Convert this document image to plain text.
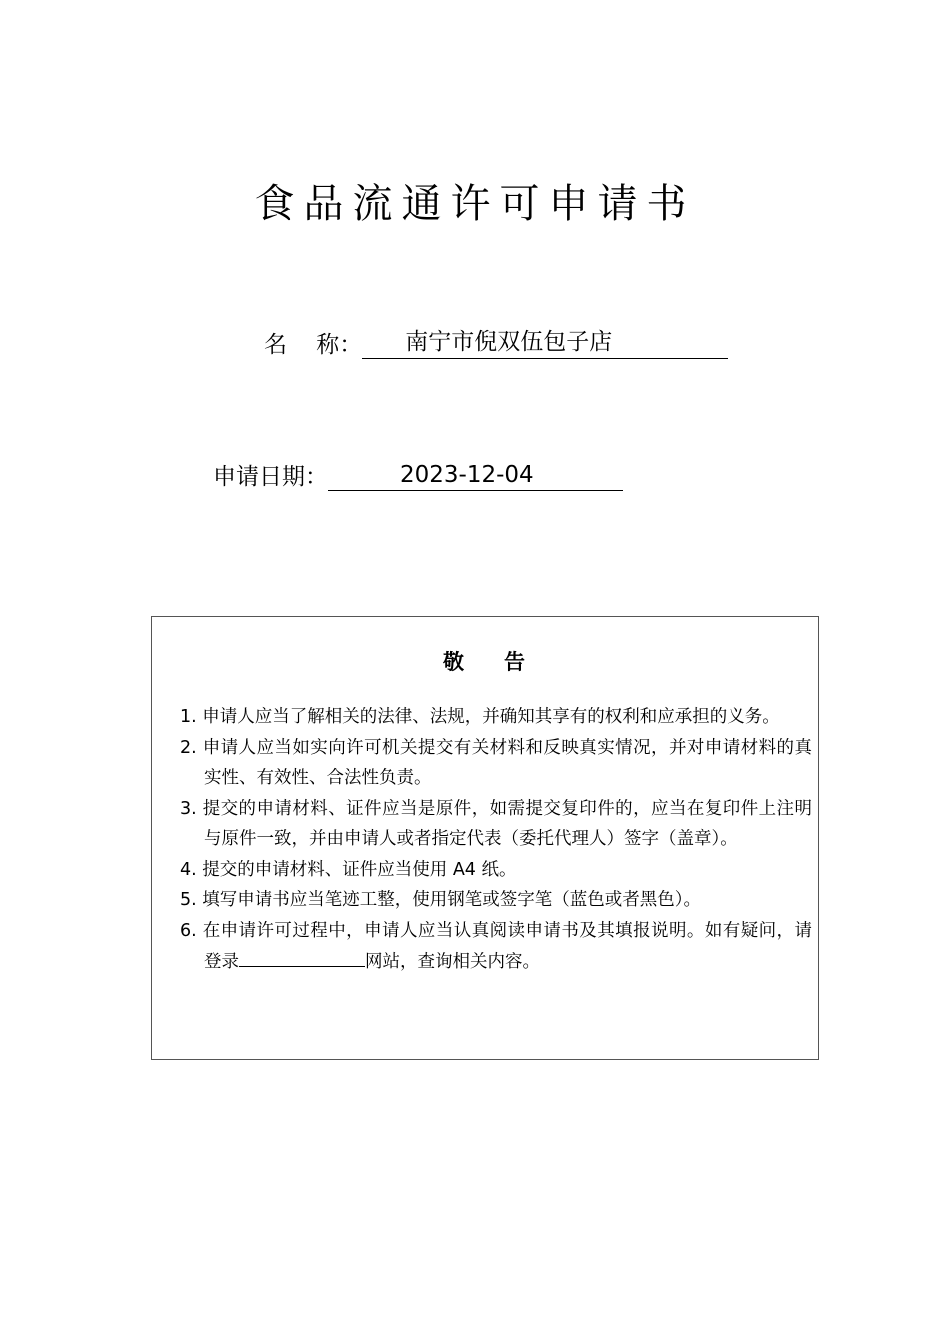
食品流通许可申请书
名    称： 南宁市倪双伍包子店
申请日期：	2023-12-04
敬 告
1. 申请人应当了解相关的法律、法规，并确知其享有的权利和应承担的义务。
2. 申请人应当如实向许可机关提交有关材料和反映真实情况，并对申请材料的真实性、有效性、合法性负责。
3. 提交的申请材料、证件应当是原件，如需提交复印件的，应当在复印件上注明与原件一致，并由申请人或者指定代表（委托代理人）签字（盖章）。
4. 提交的申请材料、证件应当使用 A4 纸。
5. 填写申请书应当笔迹工整，使用钢笔或签字笔（蓝色或者黑色）。
6. 在申请许可过程中，申请人应当认真阅读申请书及其填报说明。如有疑问，请登录	网站，查询相关内容。
